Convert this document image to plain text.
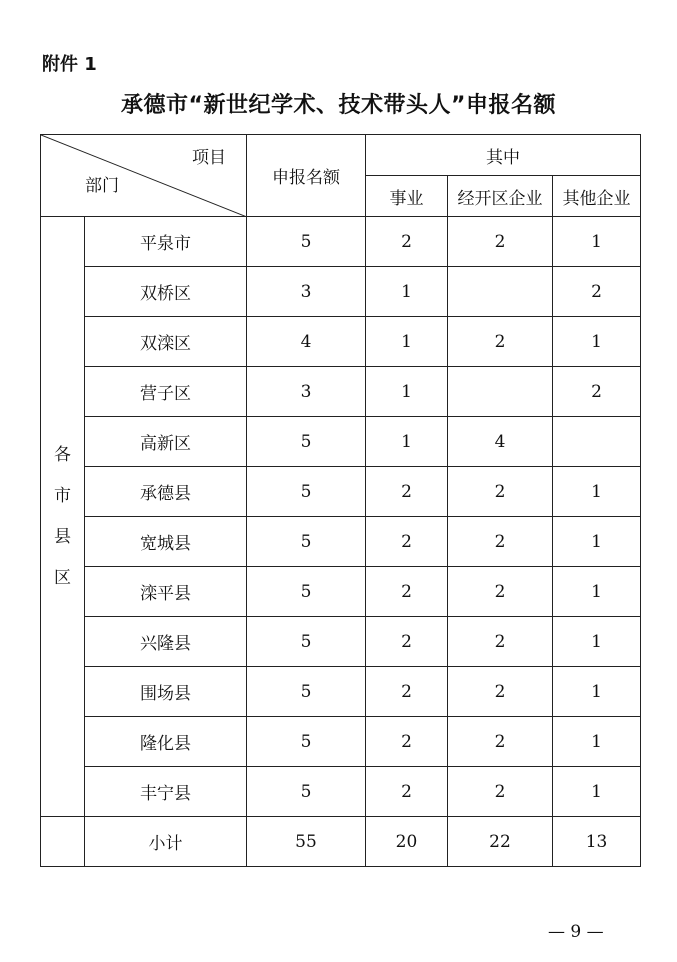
附件 1
承德市“新世纪学术、技术带头人”申报名额
项目
部门		申报名额	其中		
			事业	经开区企业	其他企业

各
市
县
区	平泉市	5	2	2	1
	双桥区	3	1		2
	双滦区	4	1	2	1
	营子区	3	1		2
	高新区	5	1	4	
	承德县	5	2	2	1
	宽城县	5	2	2	1
	滦平县	5	2	2	1
	兴隆县	5	2	2	1
	围场县	5	2	2	1
	隆化县	5	2	2	1
	丰宁县	5	2	2	1
	小计	55	20	22	13
— 9 —
